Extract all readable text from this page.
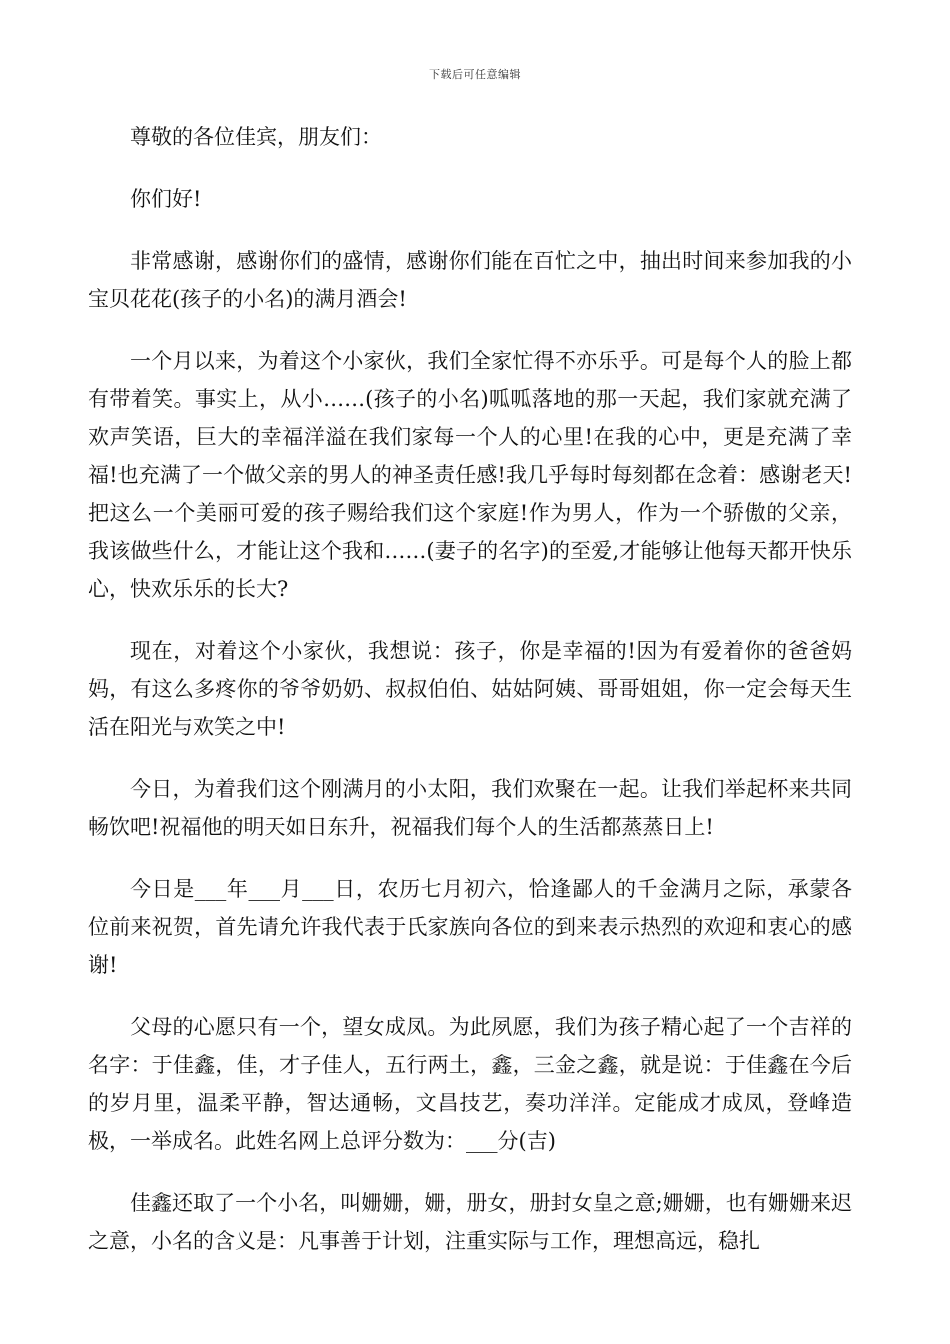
下载后可任意编辑

尊敬的各位佳宾，朋友们：

你们好!

非常感谢，感谢你们的盛情，感谢你们能在百忙之中，抽出时间来参加我的小宝贝花花(孩子的小名)的满月酒会!

一个月以来，为着这个小家伙，我们全家忙得不亦乐乎。可是每个人的脸上都有带着笑。事实上，从小……(孩子的小名)呱呱落地的那一天起，我们家就充满了欢声笑语，巨大的幸福洋溢在我们家每一个人的心里!在我的心中，更是充满了幸福!也充满了一个做父亲的男人的神圣责任感!我几乎每时每刻都在念着：感谢老天!把这么一个美丽可爱的孩子赐给我们这个家庭!作为男人，作为一个骄傲的父亲，我该做些什么，才能让这个我和……(妻子的名字)的至爱,才能够让他每天都开快乐心，快欢乐乐的长大?

现在，对着这个小家伙，我想说：孩子，你是幸福的!因为有爱着你的爸爸妈妈，有这么多疼你的爷爷奶奶、叔叔伯伯、姑姑阿姨、哥哥姐姐，你一定会每天生活在阳光与欢笑之中!

今日，为着我们这个刚满月的小太阳，我们欢聚在一起。让我们举起杯来共同畅饮吧!祝福他的明天如日东升，祝福我们每个人的生活都蒸蒸日上!

今日是___年___月___日，农历七月初六，恰逢鄙人的千金满月之际，承蒙各位前来祝贺，首先请允许我代表于氏家族向各位的到来表示热烈的欢迎和衷心的感谢!

父母的心愿只有一个，望女成凤。为此夙愿，我们为孩子精心起了一个吉祥的名字：于佳鑫，佳，才子佳人，五行两土，鑫，三金之鑫，就是说：于佳鑫在今后的岁月里，温柔平静，智达通畅，文昌技艺，奏功洋洋。定能成才成凤，登峰造极，一举成名。此姓名网上总评分数为：___分(吉)

佳鑫还取了一个小名，叫姗姗，姗，册女，册封女皇之意;姗姗，也有姗姗来迟之意，小名的含义是：凡事善于计划，注重实际与工作，理想高远，稳扎
